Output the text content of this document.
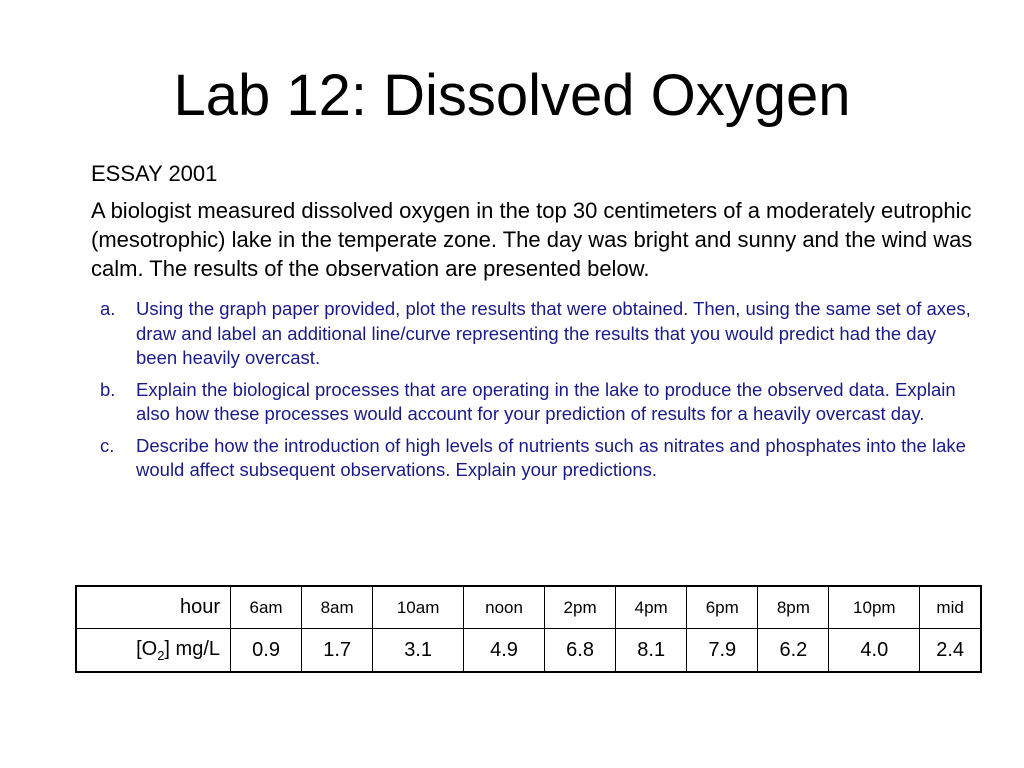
Lab 12: Dissolved Oxygen
ESSAY 2001
A biologist measured dissolved oxygen in the top 30 centimeters of a moderately eutrophic (mesotrophic) lake in the temperate zone. The day was bright and sunny and the wind was calm. The results of the observation are presented below.
a.	Using the graph paper provided, plot the results that were obtained. Then, using the same set of axes, draw and label an additional line/curve representing the results that you would predict had the day been heavily overcast.
b.	Explain the biological processes that are operating in the lake to produce the observed data. Explain also how these processes would account for your prediction of results for a heavily overcast day.
c.	Describe how the introduction of high levels of nutrients such as nitrates and phosphates into the lake would affect subsequent observations. Explain your predictions.
hour	6am	8am	10am	noon	2pm	4pm	6pm	8pm	10pm	mid
$[O_2]$ mg/L	0.9	1.7	3.1	4.9	6.8	8.1	7.9	6.2	4.0	2.4
